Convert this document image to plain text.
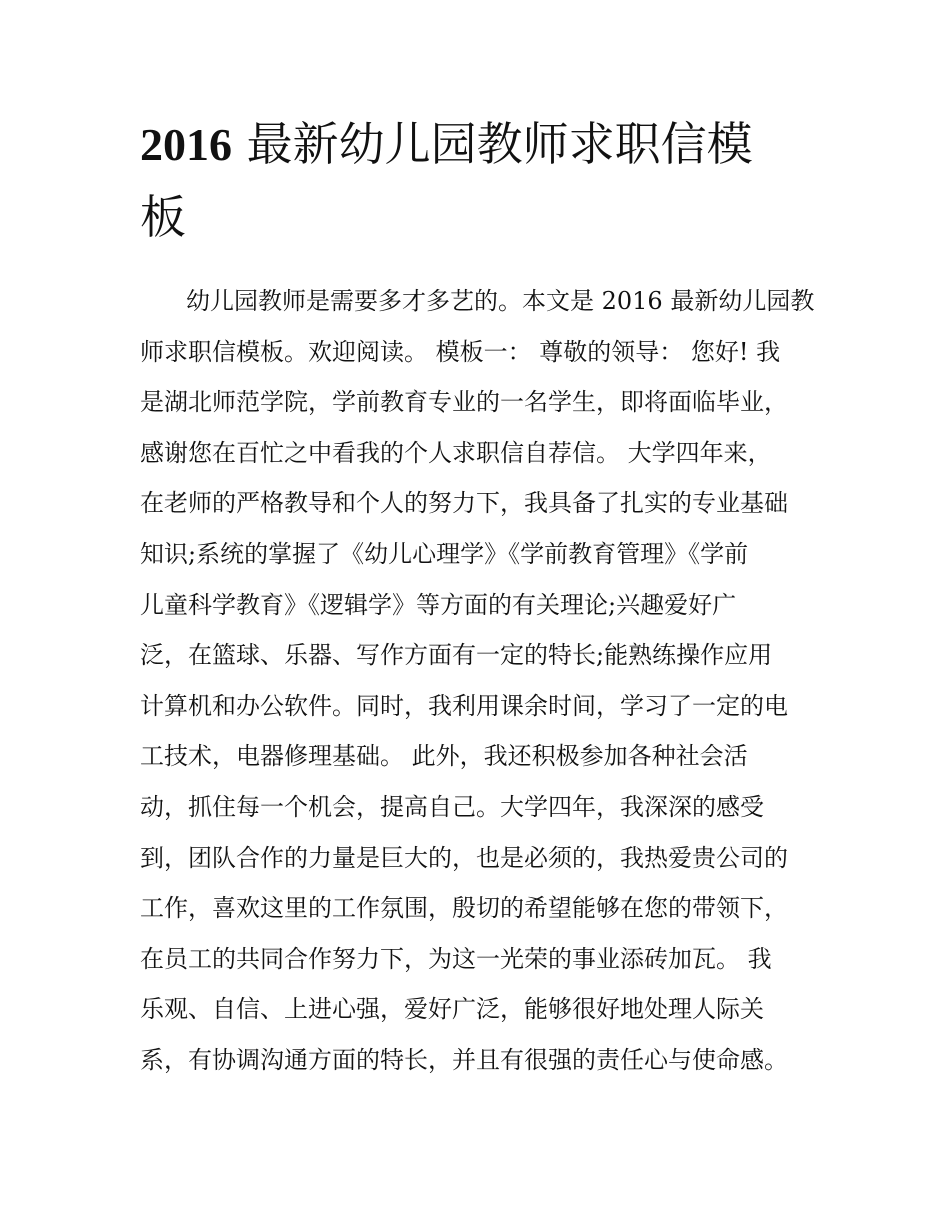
2016 最新幼儿园教师求职信模
板
幼儿园教师是需要多才多艺的。本文是 2016 最新幼儿园教
师求职信模板。欢迎阅读。 模板一： 尊敬的领导： 您好! 我
是湖北师范学院，学前教育专业的一名学生，即将面临毕业，
感谢您在百忙之中看我的个人求职信自荐信。 大学四年来，
在老师的严格教导和个人的努力下，我具备了扎实的专业基础
知识;系统的掌握了《幼儿心理学》《学前教育管理》《学前
儿童科学教育》《逻辑学》等方面的有关理论;兴趣爱好广
泛，在篮球、乐器、写作方面有一定的特长;能熟练操作应用
计算机和办公软件。同时，我利用课余时间，学习了一定的电
工技术，电器修理基础。 此外，我还积极参加各种社会活
动，抓住每一个机会，提高自己。大学四年，我深深的感受
到，团队合作的力量是巨大的，也是必须的，我热爱贵公司的
工作，喜欢这里的工作氛围，殷切的希望能够在您的带领下，
在员工的共同合作努力下，为这一光荣的事业添砖加瓦。 我
乐观、自信、上进心强，爱好广泛，能够很好地处理人际关
系，有协调沟通方面的特长，并且有很强的责任心与使命感。
